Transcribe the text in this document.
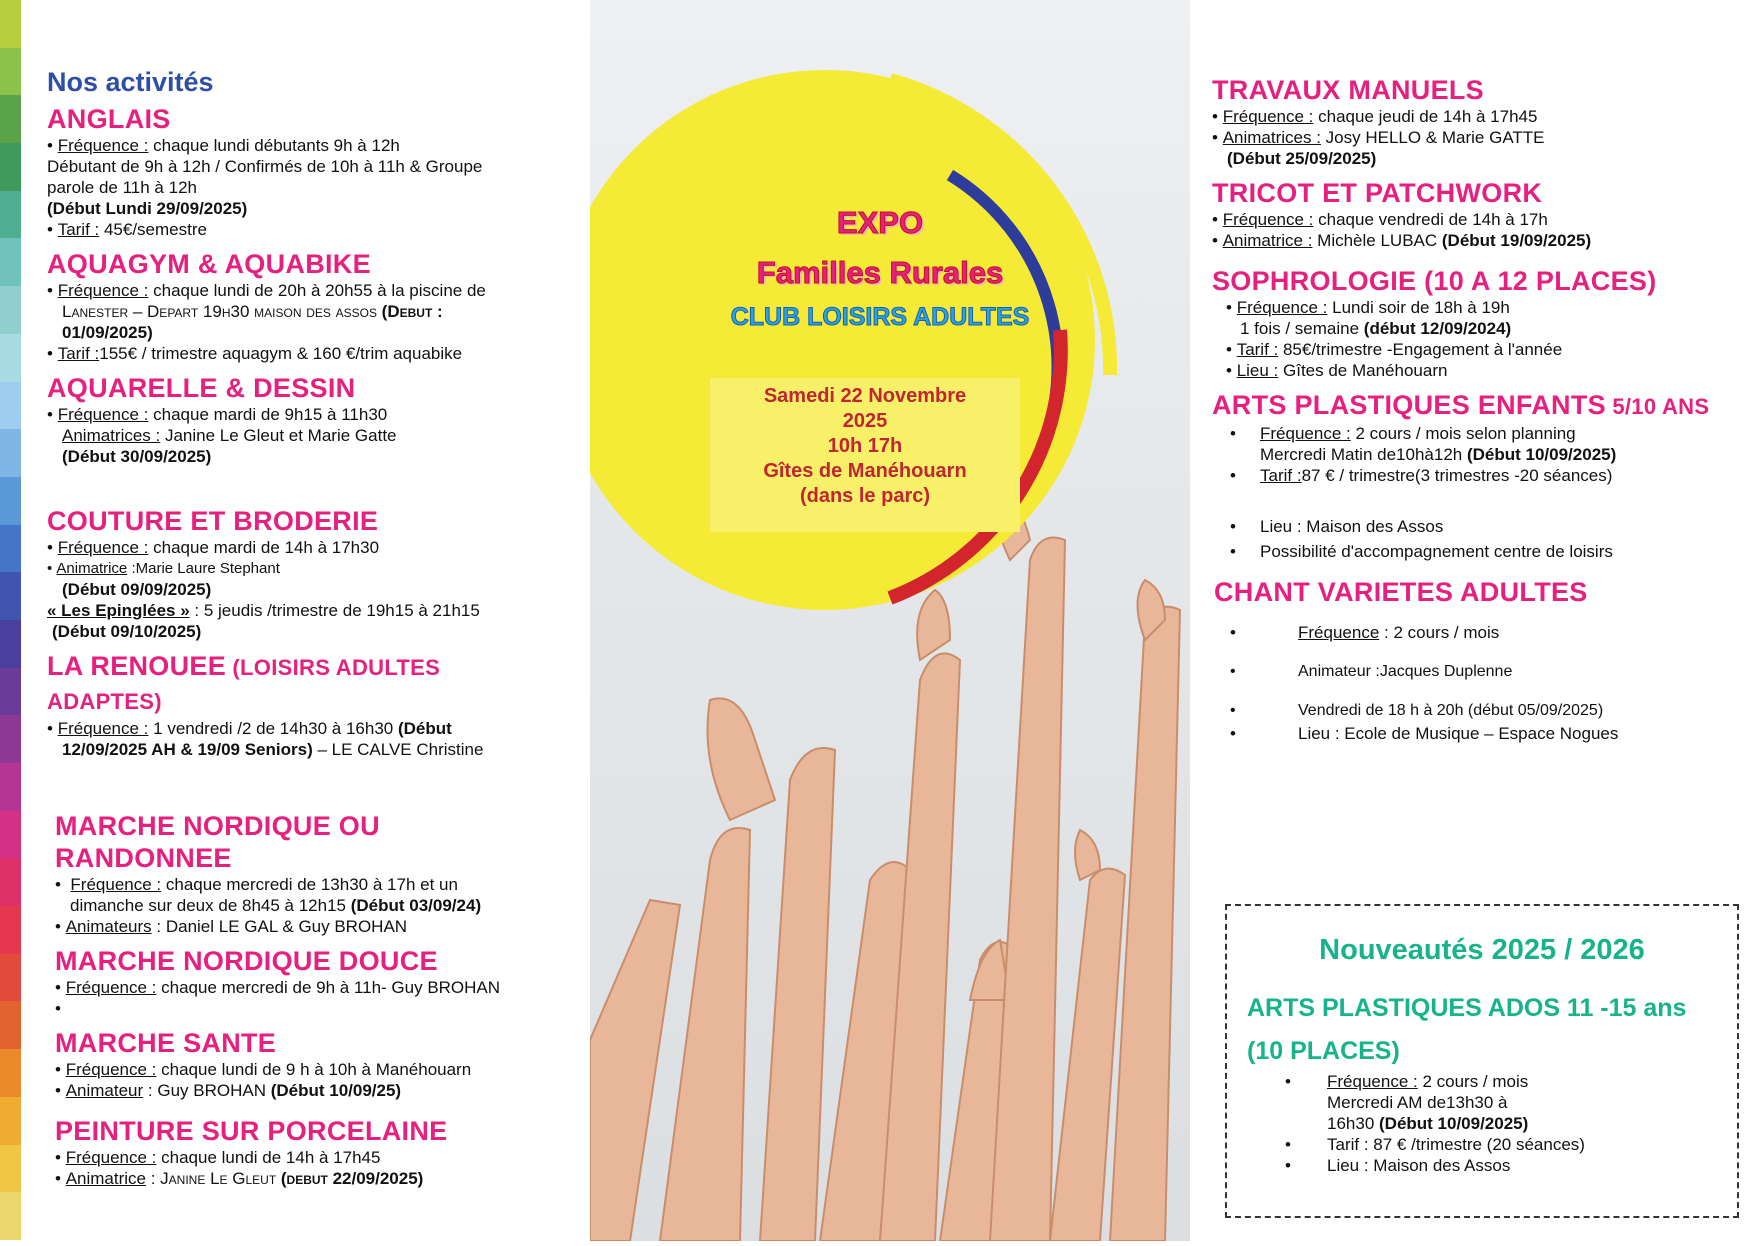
Nos activités
ANGLAIS
• Fréquence : chaque lundi débutants 9h à 12h
Débutant de 9h à 12h / Confirmés de 10h à 11h & Groupe
parole de 11h à 12h
(Début Lundi 29/09/2025)
• Tarif : 45€/semestre
AQUAGYM & AQUABIKE
• Fréquence : chaque lundi de 20h à 20h55 à la piscine de
Lanester – Depart 19h30 maison des assos (Debut :
01/09/2025)
• Tarif :155€ / trimestre aquagym & 160 €/trim aquabike
AQUARELLE & DESSIN
• Fréquence : chaque mardi de 9h15 à 11h30
Animatrices : Janine Le Gleut et Marie Gatte
(Début 30/09/2025)
COUTURE ET BRODERIE
• Fréquence : chaque mardi de 14h à 17h30
• Animatrice :Marie Laure Stephant
(Début 09/09/2025)
« Les Epinglées » : 5 jeudis /trimestre de 19h15 à 21h15
(Début 09/10/2025)
LA RENOUEE (LOISIRS ADULTES ADAPTES)
• Fréquence : 1 vendredi /2 de 14h30 à 16h30 (Début
12/09/2025 AH & 19/09 Seniors) – LE CALVE Christine
MARCHE NORDIQUE OU
RANDONNEE
• Fréquence : chaque mercredi de 13h30 à 17h et un
dimanche sur deux de 8h45 à 12h15 (Début 03/09/24)
• Animateurs : Daniel LE GAL & Guy BROHAN
MARCHE NORDIQUE DOUCE
• Fréquence : chaque mercredi de 9h à 11h- Guy BROHAN
•
MARCHE SANTE
• Fréquence : chaque lundi de 9 h à 10h à Manéhouarn
• Animateur : Guy BROHAN (Début 10/09/25)
PEINTURE SUR PORCELAINE
• Fréquence : chaque lundi de 14h à 17h45
• Animatrice : Janine Le Gleut (debut 22/09/2025)
EXPO
Familles Rurales
CLUB LOISIRS ADULTES
Samedi 22 Novembre
2025
10h 17h
Gîtes de Manéhouarn
(dans le parc)
TRAVAUX MANUELS
• Fréquence : chaque jeudi de 14h à 17h45
• Animatrices : Josy HELLO & Marie GATTE
(Début 25/09/2025)
TRICOT ET PATCHWORK
• Fréquence : chaque vendredi de 14h à 17h
• Animatrice : Michèle LUBAC (Début 19/09/2025)
SOPHROLOGIE (10 A 12 PLACES)
• Fréquence : Lundi soir de 18h à 19h
1 fois / semaine (début 12/09/2024)
• Tarif : 85€/trimestre -Engagement à l'année
• Lieu : Gîtes de Manéhouarn
ARTS PLASTIQUES ENFANTS 5/10 ANS
• Fréquence : 2 cours / mois selon planning
Mercredi Matin de10hà12h (Début 10/09/2025)
• Tarif :87 € / trimestre(3 trimestres -20 séances)
• Lieu : Maison des Assos
• Possibilité d'accompagnement centre de loisirs
CHANT VARIETES ADULTES
• Fréquence : 2 cours / mois
• Animateur :Jacques Duplenne
• Vendredi de 18 h à 20h (début 05/09/2025)
• Lieu : Ecole de Musique – Espace Nogues
Nouveautés 2025 / 2026
ARTS PLASTIQUES ADOS 11 -15 ans
(10 PLACES)
• Fréquence : 2 cours / mois
Mercredi AM de13h30 à
16h30 (Début 10/09/2025)
• Tarif : 87 € /trimestre (20 séances)
• Lieu : Maison des Assos
